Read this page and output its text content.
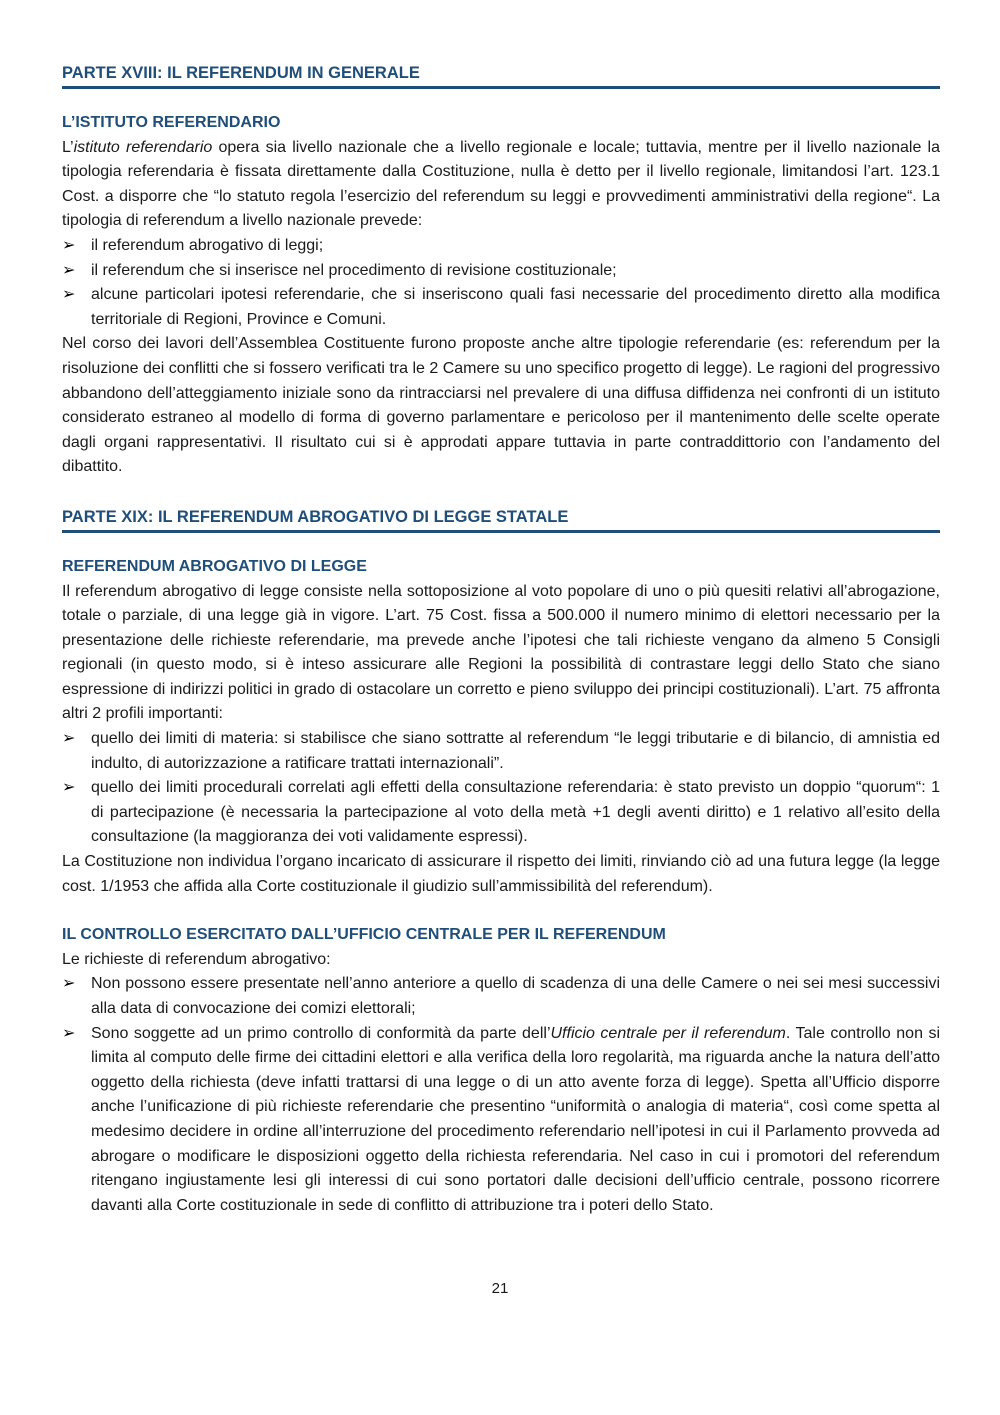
PARTE XVIII: IL REFERENDUM IN GENERALE
L’ISTITUTO REFERENDARIO

L’istituto referendario opera sia livello nazionale che a livello regionale e locale; tuttavia, mentre per il livello nazionale la tipologia referendaria è fissata direttamente dalla Costituzione, nulla è detto per il livello regionale, limitandosi l’art. 123.1 Cost. a disporre che “lo statuto regola l’esercizio del referendum su leggi e provvedimenti amministrativi della regione“. La tipologia di referendum a livello nazionale prevede:

➢ il referendum abrogativo di leggi;
➢ il referendum che si inserisce nel procedimento di revisione costituzionale;
➢ alcune particolari ipotesi referendarie, che si inseriscono quali fasi necessarie del procedimento diretto alla modifica territoriale di Regioni, Province e Comuni.

Nel corso dei lavori dell’Assemblea Costituente furono proposte anche altre tipologie referendarie (es: referendum per la risoluzione dei conflitti che si fossero verificati tra le 2 Camere su uno specifico progetto di legge). Le ragioni del progressivo abbandono dell’atteggiamento iniziale sono da rintracciarsi nel prevalere di una diffusa diffidenza nei confronti di un istituto considerato estraneo al modello di forma di governo parlamentare e pericoloso per il mantenimento delle scelte operate dagli organi rappresentativi. Il risultato cui si è approdati appare tuttavia in parte contraddittorio con l’andamento del dibattito.

PARTE XIX: IL REFERENDUM ABROGATIVO DI LEGGE STATALE
REFERENDUM ABROGATIVO DI LEGGE

Il referendum abrogativo di legge consiste nella sottoposizione al voto popolare di uno o più quesiti relativi all’abrogazione, totale o parziale, di una legge già in vigore. L’art. 75 Cost. fissa a 500.000 il numero minimo di elettori necessario per la presentazione delle richieste referendarie, ma prevede anche l’ipotesi che tali richieste vengano da almeno 5 Consigli regionali (in questo modo, si è inteso assicurare alle Regioni la possibilità di contrastare leggi dello Stato che siano espressione di indirizzi politici in grado di ostacolare un corretto e pieno sviluppo dei principi costituzionali). L’art. 75 affronta altri 2 profili importanti:

➢ quello dei limiti di materia: si stabilisce che siano sottratte al referendum “le leggi tributarie e di bilancio, di amnistia ed indulto, di autorizzazione a ratificare trattati internazionali”.
➢ quello dei limiti procedurali correlati agli effetti della consultazione referendaria: è stato previsto un doppio “quorum“: 1 di partecipazione (è necessaria la partecipazione al voto della metà +1 degli aventi diritto) e 1 relativo all’esito della consultazione (la maggioranza dei voti validamente espressi).

La Costituzione non individua l’organo incaricato di assicurare il rispetto dei limiti, rinviando ciò ad una futura legge (la legge cost. 1/1953 che affida alla Corte costituzionale il giudizio sull’ammissibilità del referendum).

IL CONTROLLO ESERCITATO DALL’UFFICIO CENTRALE PER IL REFERENDUM

Le richieste di referendum abrogativo:

➢ Non possono essere presentate nell’anno anteriore a quello di scadenza di una delle Camere o nei sei mesi successivi alla data di convocazione dei comizi elettorali;
➢ Sono soggette ad un primo controllo di conformità da parte dell’Ufficio centrale per il referendum. Tale controllo non si limita al computo delle firme dei cittadini elettori e alla verifica della loro regolarità, ma riguarda anche la natura dell’atto oggetto della richiesta (deve infatti trattarsi di una legge o di un atto avente forza di legge). Spetta all’Ufficio disporre anche l’unificazione di più richieste referendarie che presentino “uniformità o analogia di materia“, così come spetta al medesimo decidere in ordine all’interruzione del procedimento referendario nell’ipotesi in cui il Parlamento provveda ad abrogare o modificare le disposizioni oggetto della richiesta referendaria. Nel caso in cui i promotori del referendum ritengano ingiustamente lesi gli interessi di cui sono portatori dalle decisioni dell’ufficio centrale, possono ricorrere davanti alla Corte costituzionale in sede di conflitto di attribuzione tra i poteri dello Stato.
21
